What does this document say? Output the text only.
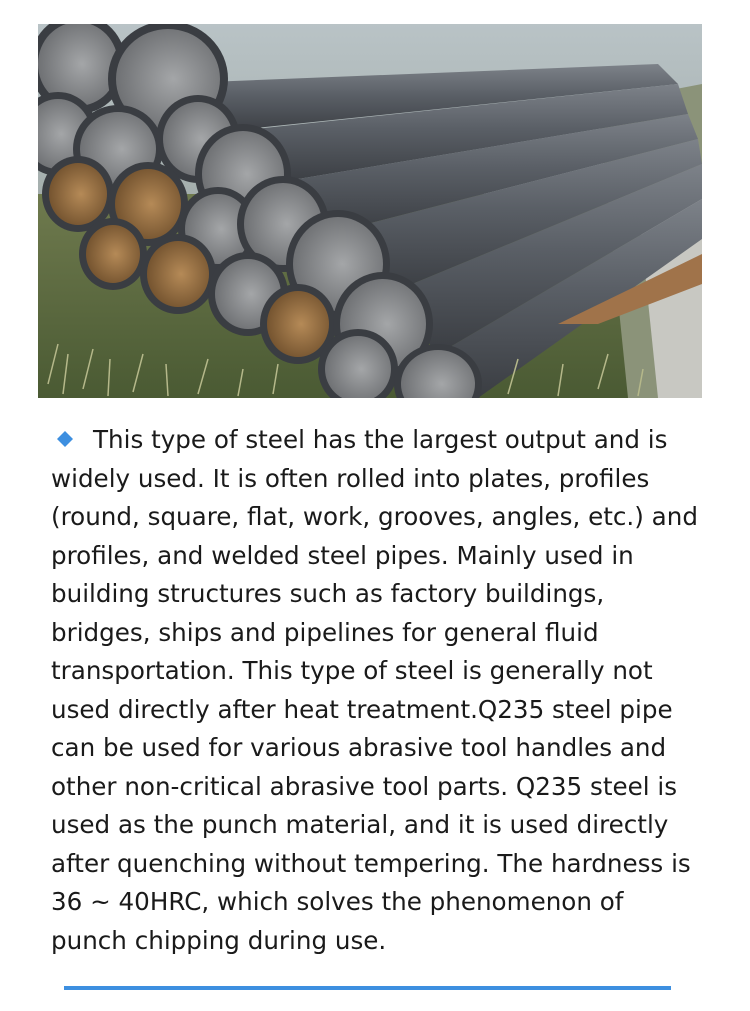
This type of steel has the largest output and is widely used. It is often rolled into plates, profiles (round, square, flat, work, grooves, angles, etc.) and profiles, and welded steel pipes. Mainly used in building structures such as factory buildings, bridges, ships and pipelines for general fluid transportation. This type of steel is generally not used directly after heat treatment.Q235 steel pipe can be used for various abrasive tool handles and other non-critical abrasive tool parts. Q235 steel is used as the punch material, and it is used directly after quenching without tempering. The hardness is 36 ~ 40HRC, which solves the phenomenon of punch chipping during use.
